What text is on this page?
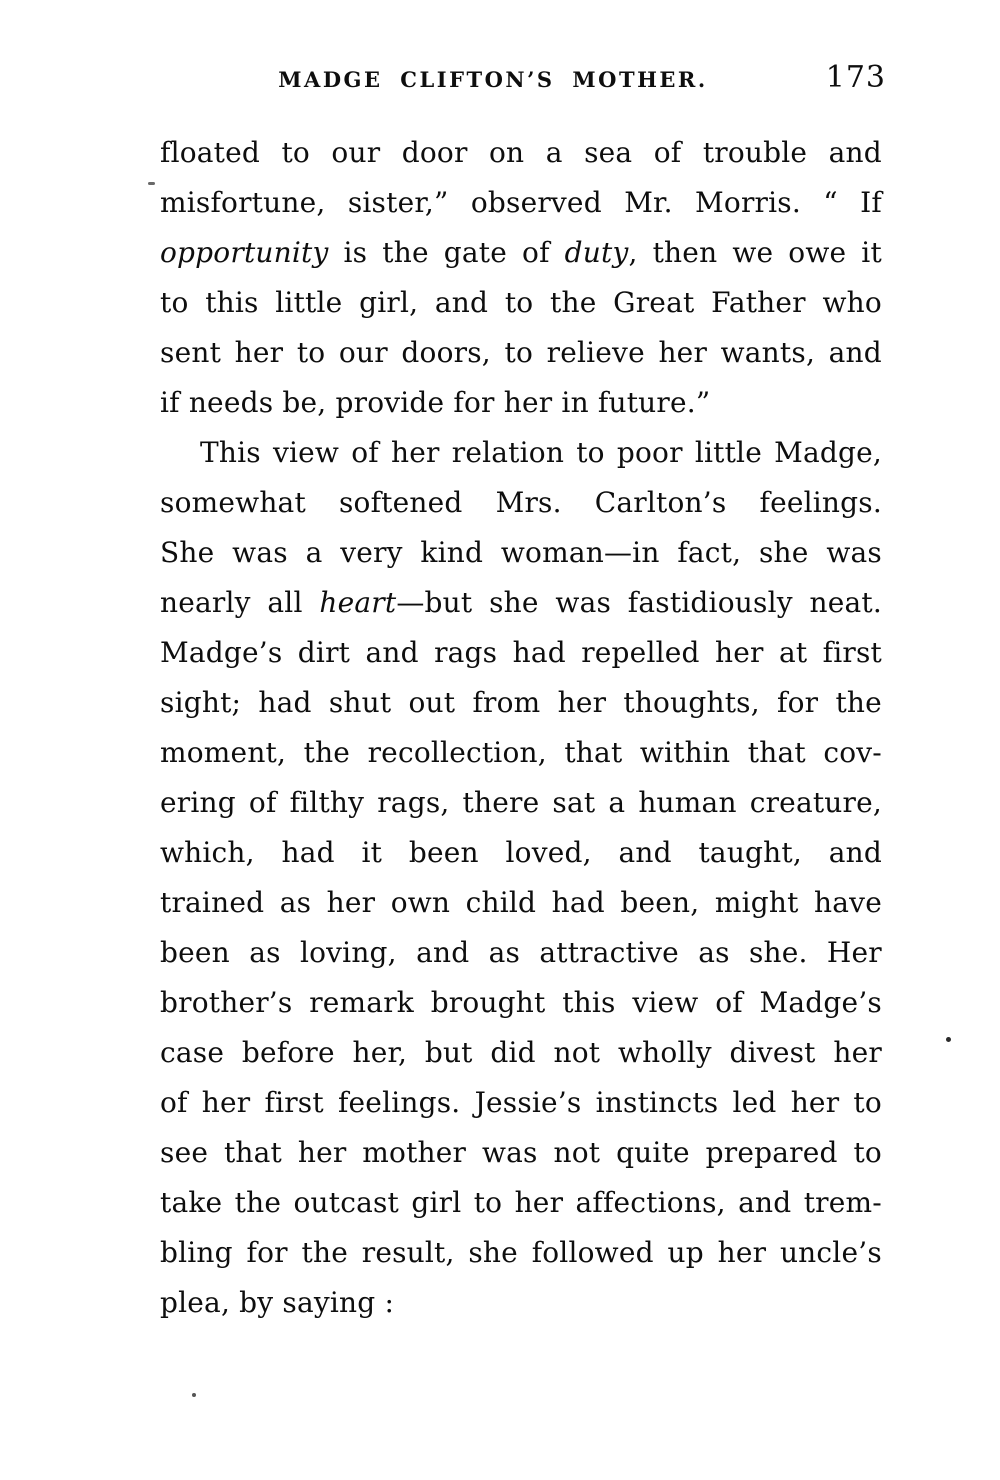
MADGE CLIFTON’S MOTHER.	173
floated to our door on a sea of trouble and
misfortune, sister,” observed Mr. Morris. “ If
opportunity is the gate of duty, then we owe it
to this little girl, and to the Great Father who
sent her to our doors, to relieve her wants, and
if needs be, provide for her in future.”
This view of her relation to poor little Madge,
somewhat softened Mrs. Carlton’s feelings.
She was a very kind woman—in fact, she was
nearly all heart—but she was fastidiously neat.
Madge’s dirt and rags had repelled her at first
sight; had shut out from her thoughts, for the
moment, the recollection, that within that cov-
ering of filthy rags, there sat a human creature,
which, had it been loved, and taught, and
trained as her own child had been, might have
been as loving, and as attractive as she. Her
brother’s remark brought this view of Madge’s
case before her, but did not wholly divest her
of her first feelings. Jessie’s instincts led her to
see that her mother was not quite prepared to
take the outcast girl to her affections, and trem-
bling for the result, she followed up her uncle’s
plea, by saying :
